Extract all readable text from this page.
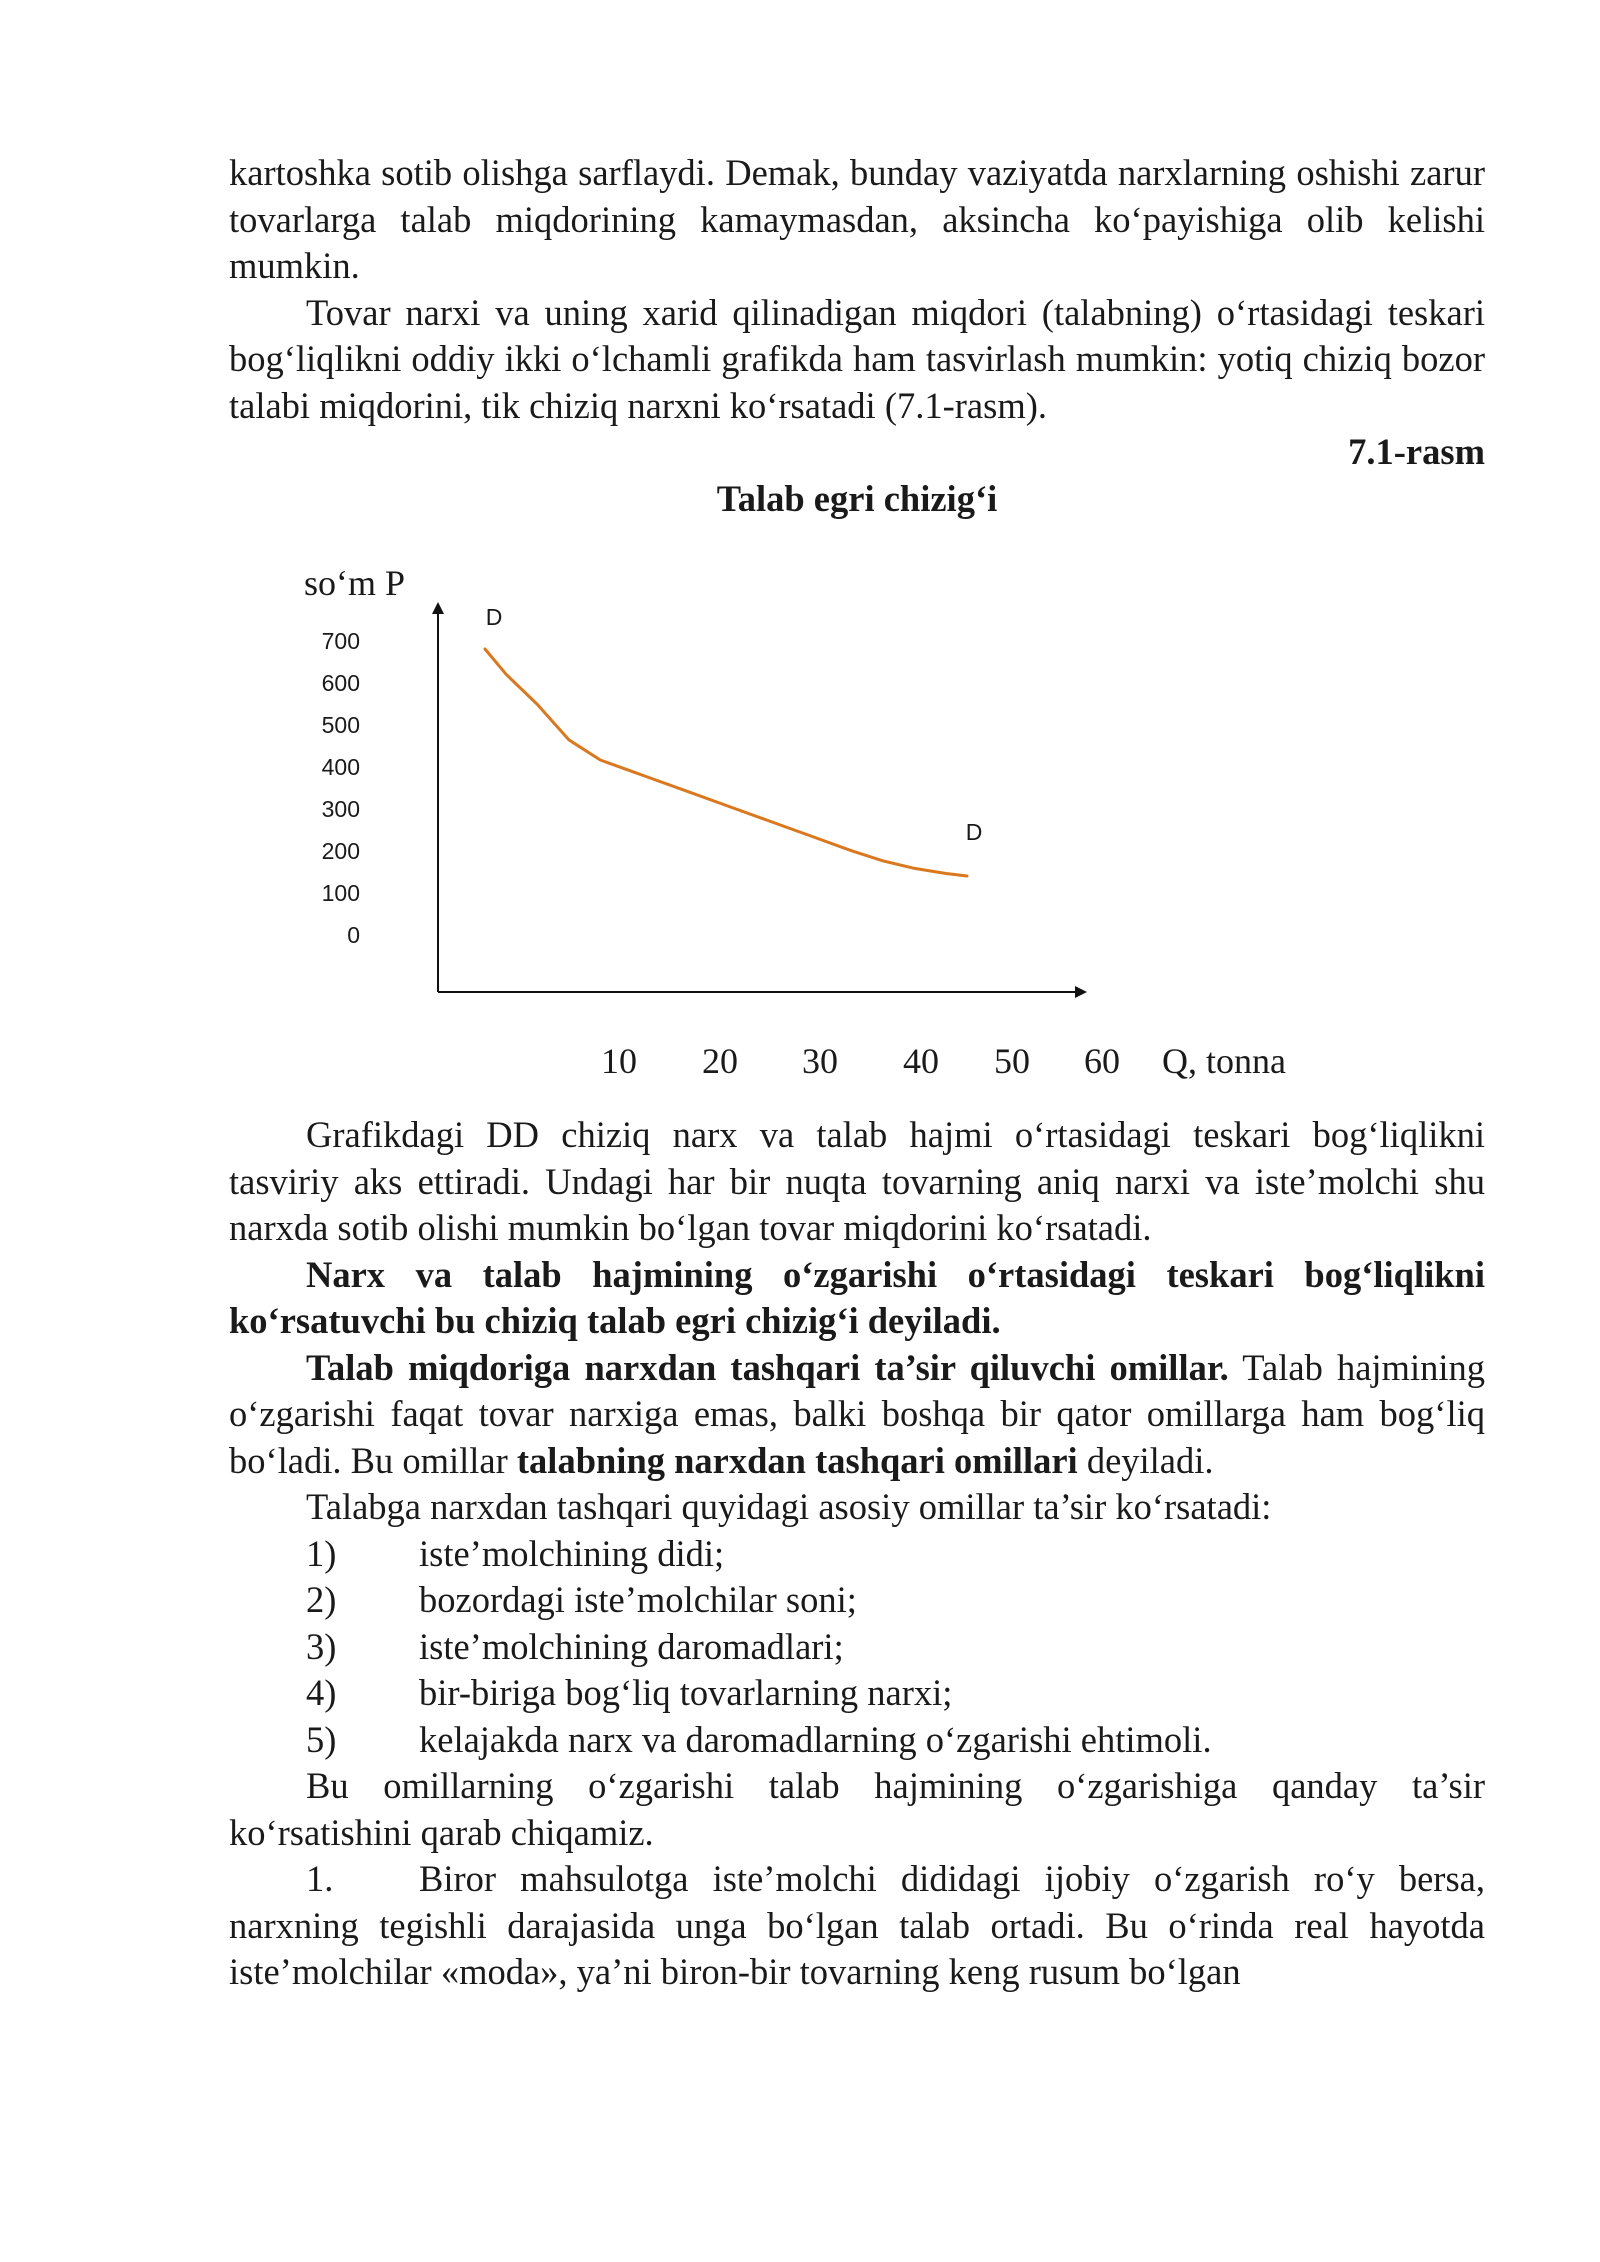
kartoshka sotib olishga sarflaydi. Demak, bunday vaziyatda narxlarning oshishi zarur tovarlarga talab miqdorining kamaymasdan, aksincha ko‘payishiga olib kelishi mumkin.

Tovar narxi va uning xarid qilinadigan miqdori (talabning) o‘rtasidagi teskari bog‘liqlikni oddiy ikki o‘lchamli grafikda ham tasvirlash mumkin: yotiq chiziq bozor talabi miqdorini, tik chiziq narxni ko‘rsatadi (7.1-rasm).

7.1-rasm

Talab egri chizig‘i

so‘m P
700
600
500
400
300
200
100
0
10 20 30 40 50 60 Q, tonna
D
D

Grafikdagi DD chiziq narx va talab hajmi o‘rtasidagi teskari bog‘liqlikni tasviriy aks ettiradi. Undagi har bir nuqta tovarning aniq narxi va iste’molchi shu narxda sotib olishi mumkin bo‘lgan tovar miqdorini ko‘rsatadi.

Narx va talab hajmining o‘zgarishi o‘rtasidagi teskari bog‘liqlikni ko‘rsatuvchi bu chiziq talab egri chizig‘i deyiladi.

Talab miqdoriga narxdan tashqari ta’sir qiluvchi omillar. Talab hajmining o‘zgarishi faqat tovar narxiga emas, balki boshqa bir qator omillarga ham bog‘liq bo‘ladi. Bu omillar talabning narxdan tashqari omillari deyiladi.

Talabga narxdan tashqari quyidagi asosiy omillar ta’sir ko‘rsatadi:

1)	iste’molchining didi;
2)	bozordagi iste’molchilar soni;
3)	iste’molchining daromadlari;
4)	bir-biriga bog‘liq tovarlarning narxi;
5)	kelajakda narx va daromadlarning o‘zgarishi ehtimoli.

Bu omillarning o‘zgarishi talab hajmining o‘zgarishiga qanday ta’sir ko‘rsatishini qarab chiqamiz.

1. Biror mahsulotga iste’molchi dididagi ijobiy o‘zgarish ro‘y bersa, narxning tegishli darajasida unga bo‘lgan talab ortadi. Bu o‘rinda real hayotda iste’molchilar «moda», ya’ni biron-bir tovarning keng rusum bo‘lgan
